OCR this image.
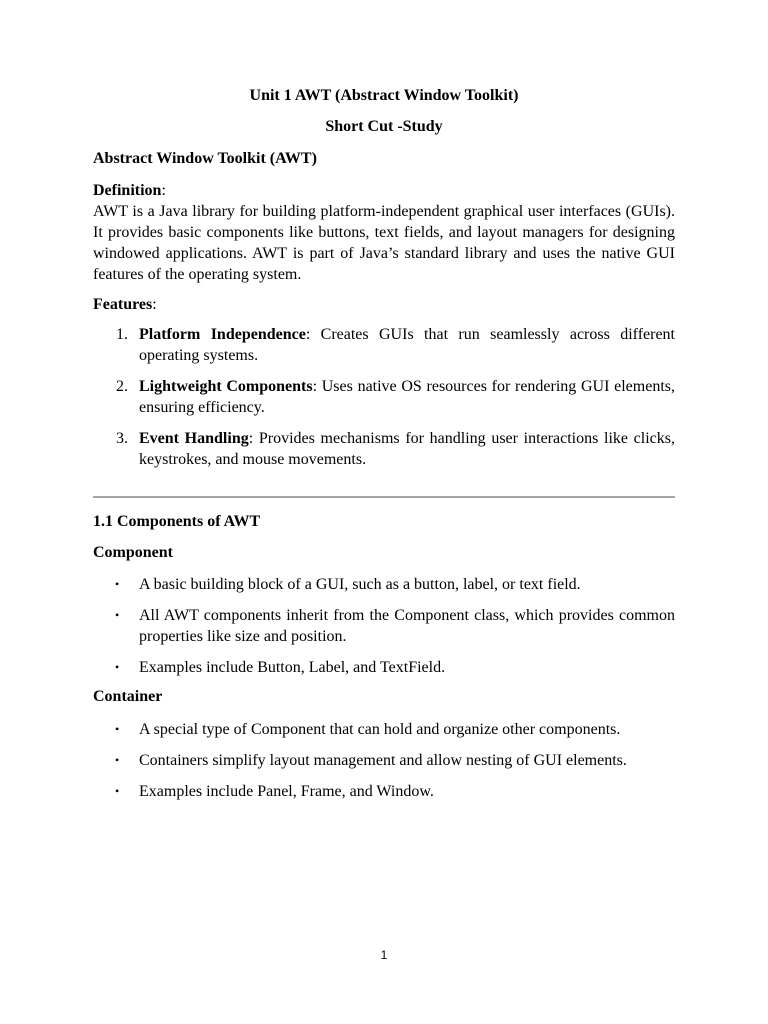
Unit 1 AWT (Abstract Window Toolkit)
Short Cut -Study
Abstract Window Toolkit (AWT)
Definition:
AWT is a Java library for building platform-independent graphical user interfaces (GUIs). It provides basic components like buttons, text fields, and layout managers for designing windowed applications. AWT is part of Java’s standard library and uses the native GUI features of the operating system.
Features:
1. Platform Independence: Creates GUIs that run seamlessly across different operating systems.
2. Lightweight Components: Uses native OS resources for rendering GUI elements, ensuring efficiency.
3. Event Handling: Provides mechanisms for handling user interactions like clicks, keystrokes, and mouse movements.
1.1 Components of AWT
Component
• A basic building block of a GUI, such as a button, label, or text field.
• All AWT components inherit from the Component class, which provides common properties like size and position.
• Examples include Button, Label, and TextField.
Container
• A special type of Component that can hold and organize other components.
• Containers simplify layout management and allow nesting of GUI elements.
• Examples include Panel, Frame, and Window.
1
